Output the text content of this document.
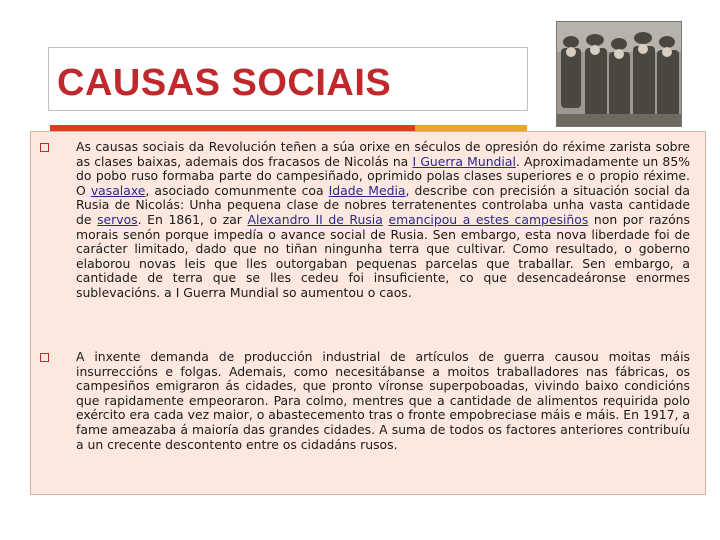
CAUSAS SOCIAIS

As causas sociais da Revolución teñen a súa orixe en séculos de opresión do réxime zarista sobre as clases baixas, ademais dos fracasos de Nicolás na I Guerra Mundial. Aproximadamente un 85% do pobo ruso formaba parte do campesiñado, oprimido polas clases superiores e o propio réxime. O vasalaxe, asociado comunmente coa Idade Media, describe con precisión a situación social da Rusia de Nicolás: Unha pequena clase de nobres terratenentes controlaba unha vasta cantidade de servos. En 1861, o zar Alexandro II de Rusia emancipou a estes campesiños non por razóns morais senón porque impedía o avance social de Rusia. Sen embargo, esta nova liberdade foi de carácter limitado, dado que no tiñan ningunha terra que cultivar. Como resultado, o goberno elaborou novas leis que lles outorgaban pequenas parcelas que traballar. Sen embargo, a cantidade de terra que se lles cedeu foi insuficiente, co que desencadeáronse enormes sublevacións. a I Guerra Mundial so aumentou o caos.

A inxente demanda de producción industrial de artículos de guerra causou moitas máis insurreccións e folgas. Ademais, como necesitábanse a moitos traballadores nas fábricas, os campesiños emigraron ás cidades, que pronto víronse superpoboadas, vivindo baixo condicións que rapidamente empeoraron. Para colmo, mentres que a cantidade de alimentos requirida polo exército era cada vez maior, o abastecemento tras o fronte empobreciase máis e máis. En 1917, a fame ameazaba á maioría das grandes cidades. A suma de todos os factores anteriores contribuíu a un crecente descontento entre os cidadáns rusos.
